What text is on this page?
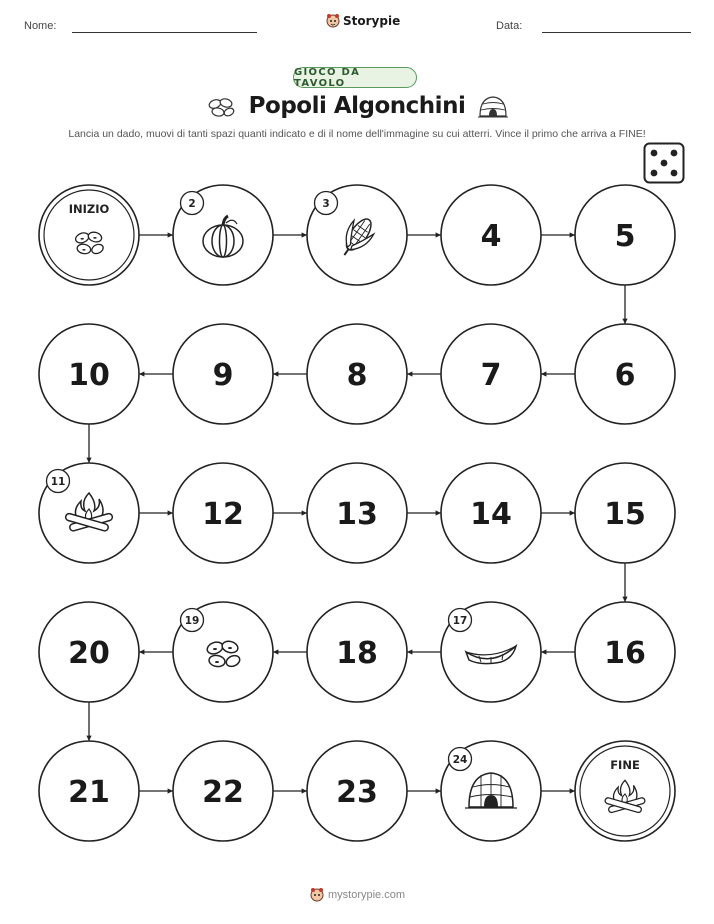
Nome:	Storypie	Data:
GIOCO DA TAVOLO
Popoli Algonchini
Lancia un dado, muovi di tanti spazi quanti indicato e di il nome dell'immagine su cui atterri. Vince il primo che arriva a FINE!
INIZIO	2	3
4	5
6
7
8
9
10
11
12	13	14	15
16
17
18
19
20
21	22	23
24	FINE
mystorypie.com
